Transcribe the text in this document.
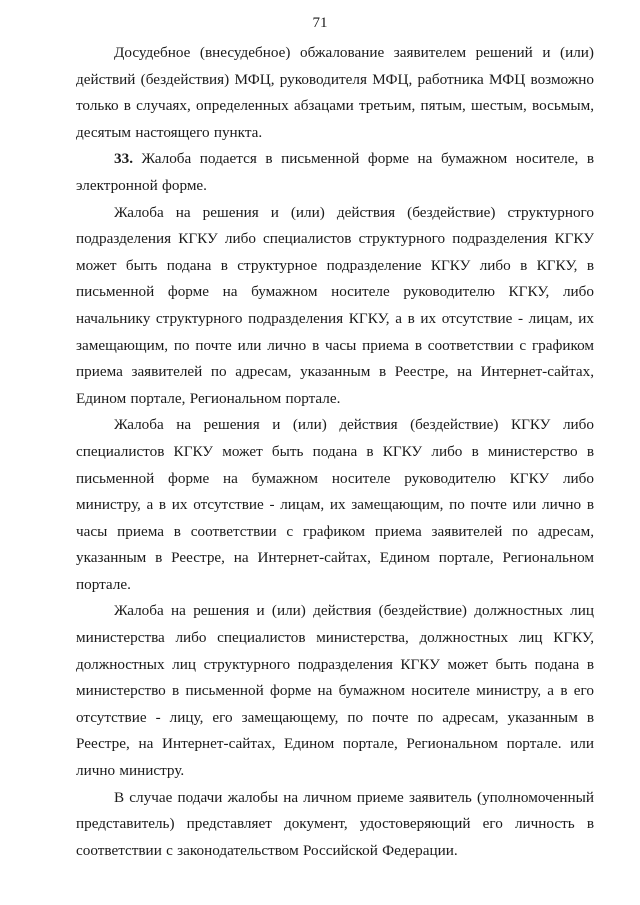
71

Досудебное (внесудебное) обжалование заявителем решений и (или) действий (бездействия) МФЦ, руководителя МФЦ, работника МФЦ возможно только в случаях, определенных абзацами третьим, пятым, шестым, восьмым, десятым настоящего пункта.

33. Жалоба подается в письменной форме на бумажном носителе, в электронной форме.

Жалоба на решения и (или) действия (бездействие) структурного подразделения КГКУ либо специалистов структурного подразделения КГКУ может быть подана в структурное подразделение КГКУ либо в КГКУ, в письменной форме на бумажном носителе руководителю КГКУ, либо начальнику структурного подразделения КГКУ, а в их отсутствие - лицам, их замещающим, по почте или лично в часы приема в соответствии с графиком приема заявителей по адресам, указанным в Реестре, на Интернет-сайтах, Едином портале, Региональном портале.

Жалоба на решения и (или) действия (бездействие) КГКУ либо специалистов КГКУ может быть подана в КГКУ либо в министерство в письменной форме на бумажном носителе руководителю КГКУ либо министру, а в их отсутствие - лицам, их замещающим, по почте или лично в часы приема в соответствии с графиком приема заявителей по адресам, указанным в Реестре, на Интернет-сайтах, Едином портале, Региональном портале.

Жалоба на решения и (или) действия (бездействие) должностных лиц министерства либо специалистов министерства, должностных лиц КГКУ, должностных лиц структурного подразделения КГКУ может быть подана в министерство в письменной форме на бумажном носителе министру, а в его отсутствие - лицу, его замещающему, по почте по адресам, указанным в Реестре, на Интернет-сайтах, Едином портале, Региональном портале. или лично министру.

В случае подачи жалобы на личном приеме заявитель (уполномоченный представитель) представляет документ, удостоверяющий его личность в соответствии с законодательством Российской Федерации.
